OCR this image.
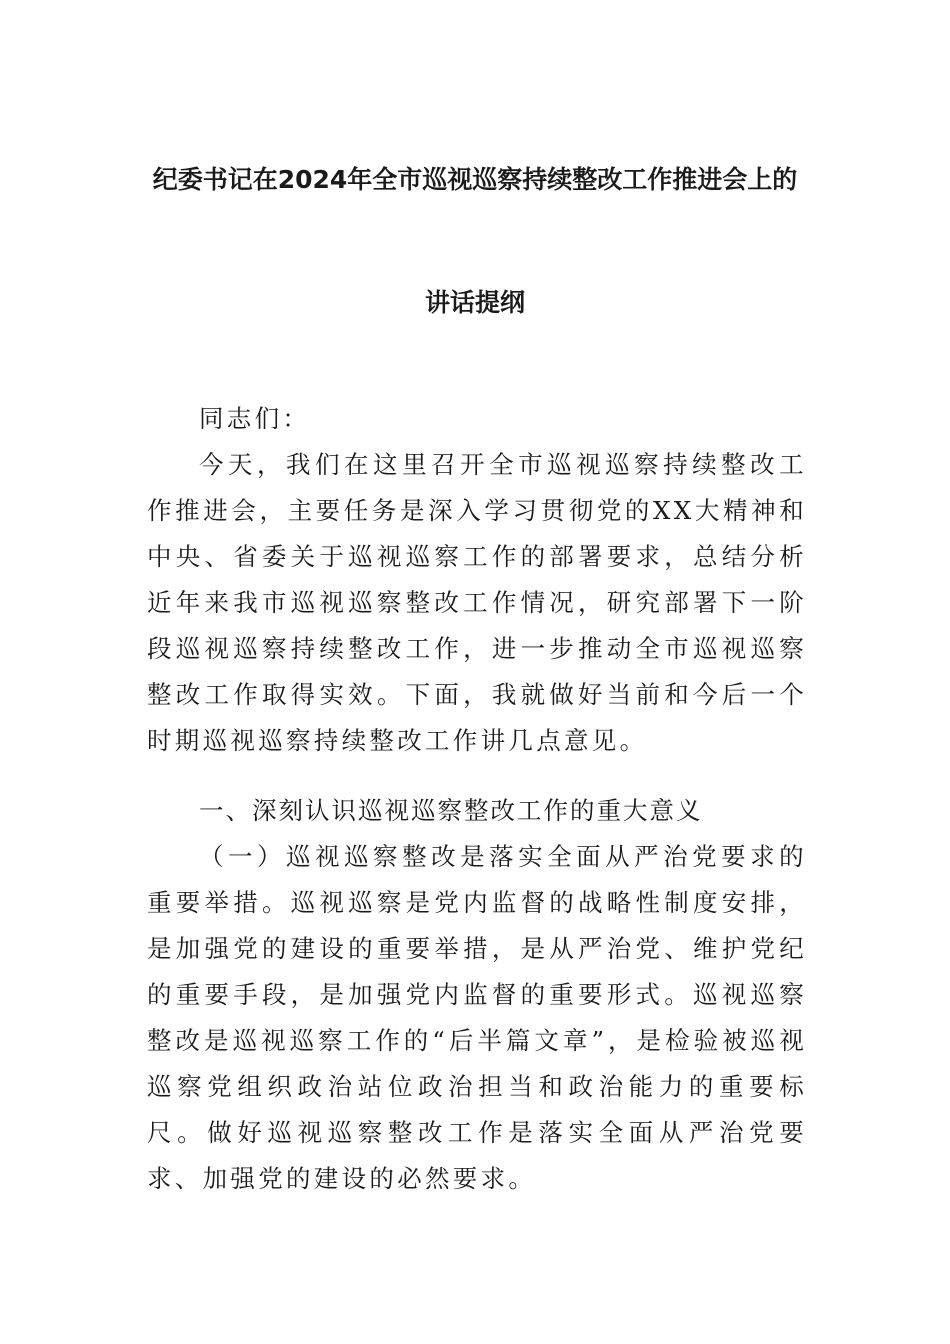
纪委书记在2024年全市巡视巡察持续整改工作推进会上的
讲话提纲
同志们：
今天，我们在这里召开全市巡视巡察持续整改工作推进会，主要任务是深入学习贯彻党的XX大精神和中央、省委关于巡视巡察工作的部署要求，总结分析近年来我市巡视巡察整改工作情况，研究部署下一阶段巡视巡察持续整改工作，进一步推动全市巡视巡察整改工作取得实效。下面，我就做好当前和今后一个时期巡视巡察持续整改工作讲几点意见。
一、深刻认识巡视巡察整改工作的重大意义
（一）巡视巡察整改是落实全面从严治党要求的重要举措。巡视巡察是党内监督的战略性制度安排，是加强党的建设的重要举措，是从严治党、维护党纪的重要手段，是加强党内监督的重要形式。巡视巡察整改是巡视巡察工作的“后半篇文章”，是检验被巡视巡察党组织政治站位政治担当和政治能力的重要标尺。做好巡视巡察整改工作是落实全面从严治党要求、加强党的建设的必然要求。
